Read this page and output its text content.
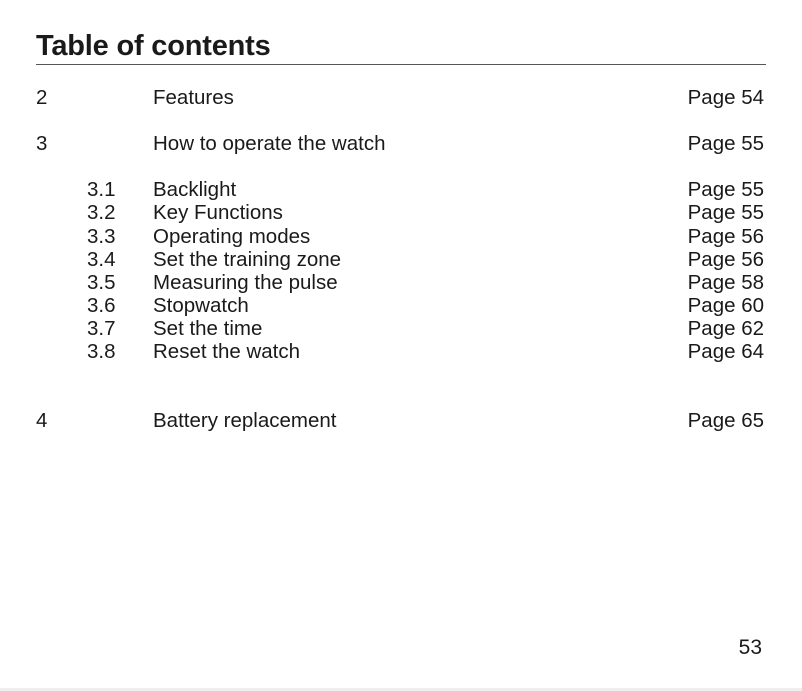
Table of contents
2	Features	Page 54
3	How to operate the watch	Page 55
3.1 Backlight	Page 55
3.2 Key Functions	Page 55
3.3 Operating modes	Page 56
3.4 Set the training zone	Page 56
3.5 Measuring the pulse	Page 58
3.6 Stopwatch	Page 60
3.7 Set the time	Page 62
3.8 Reset the watch	Page 64
4	Battery replacement	Page 65
53
